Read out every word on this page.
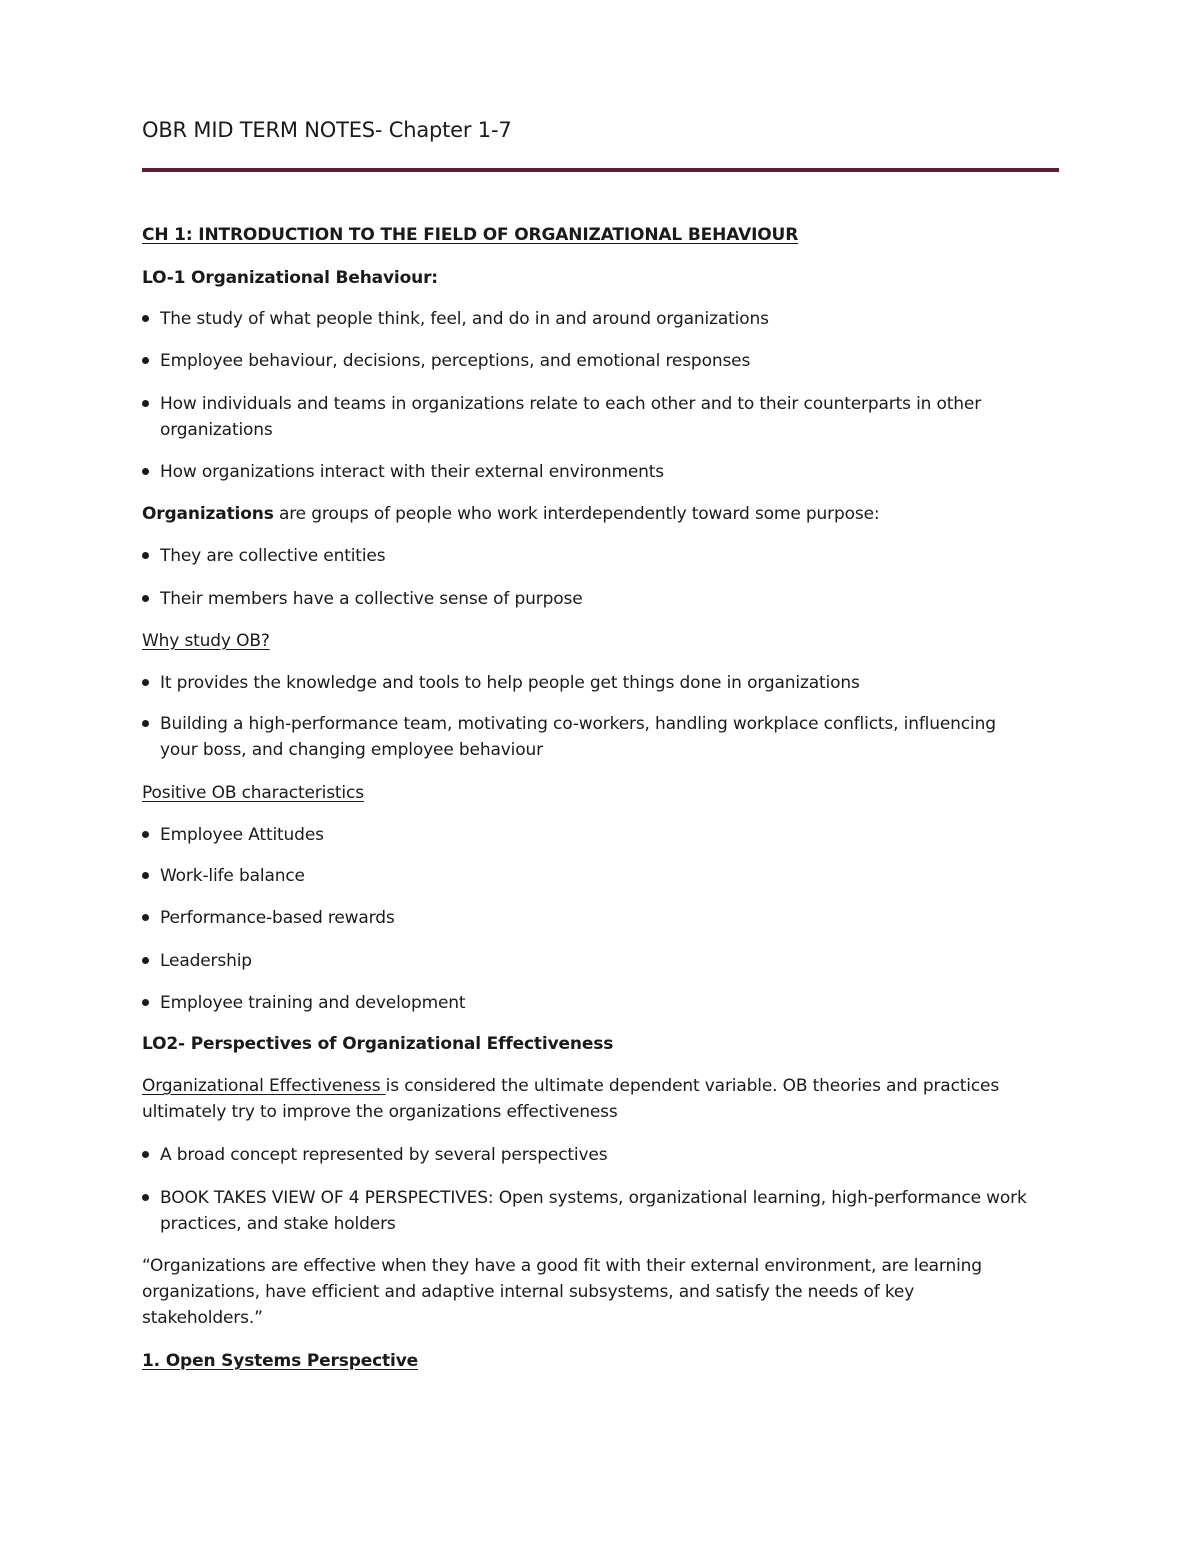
OBR MID TERM NOTES- Chapter 1-7
CH 1: INTRODUCTION TO THE FIELD OF ORGANIZATIONAL BEHAVIOUR
LO-1 Organizational Behaviour:
The study of what people think, feel, and do in and around organizations
Employee behaviour, decisions, perceptions, and emotional responses
How individuals and teams in organizations relate to each other and to their counterparts in other
organizations
How organizations interact with their external environments
Organizations are groups of people who work interdependently toward some purpose:
They are collective entities
Their members have a collective sense of purpose
Why study OB?
It provides the knowledge and tools to help people get things done in organizations
Building a high-performance team, motivating co-workers, handling workplace conflicts, influencing
your boss, and changing employee behaviour
Positive OB characteristics
Employee Attitudes
Work-life balance
Performance-based rewards
Leadership
Employee training and development
LO2- Perspectives of Organizational Effectiveness
Organizational Effectiveness is considered the ultimate dependent variable. OB theories and practices
ultimately try to improve the organizations effectiveness
A broad concept represented by several perspectives
BOOK TAKES VIEW OF 4 PERSPECTIVES: Open systems, organizational learning, high-performance work
practices, and stake holders
“Organizations are effective when they have a good fit with their external environment, are learning
organizations, have efficient and adaptive internal subsystems, and satisfy the needs of key
stakeholders.”
1. Open Systems Perspective
